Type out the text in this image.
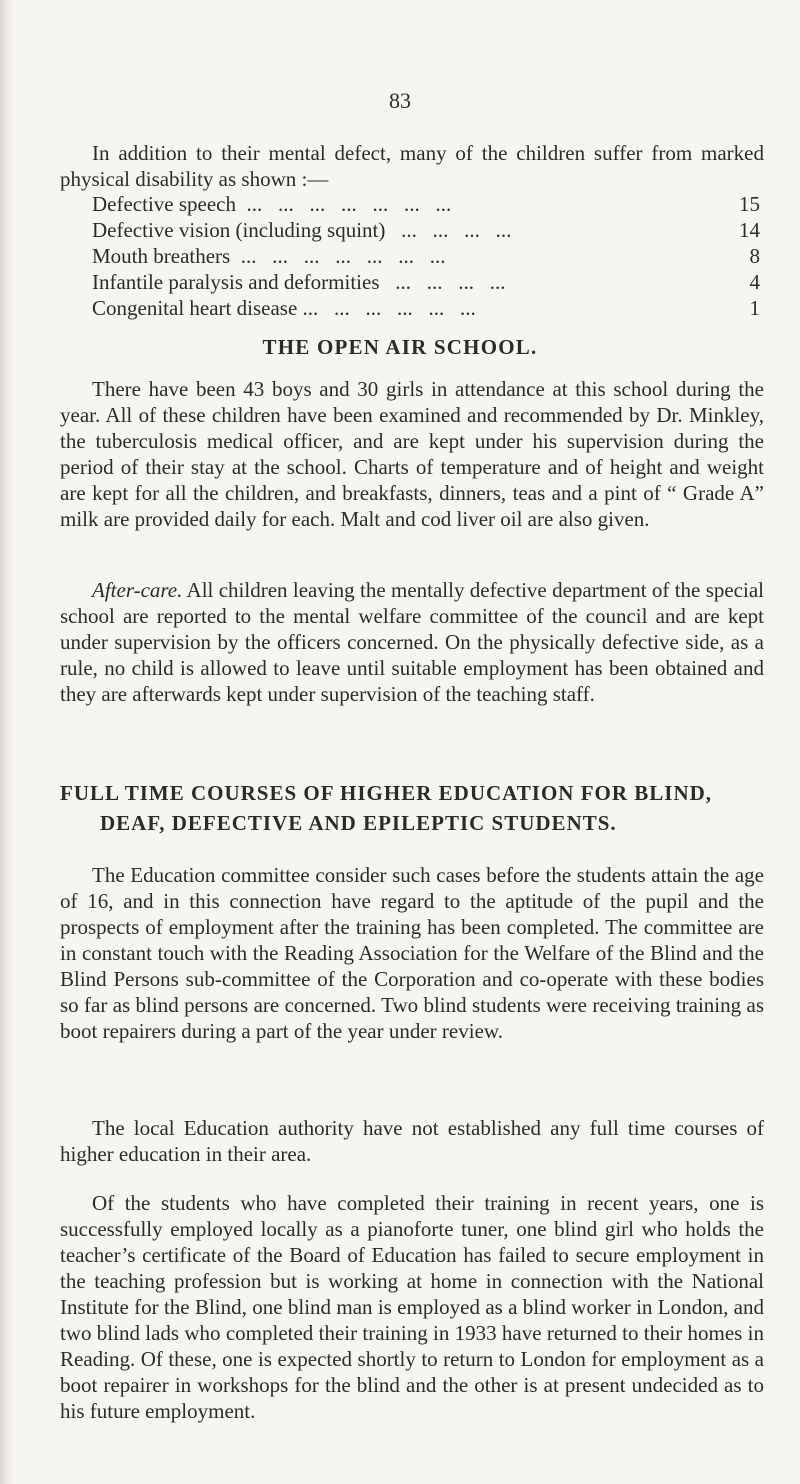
83

In addition to their mental defect, many of the children suffer from marked physical disability as shown :—

Defective speech ...   ...   ...   ...   ...   ...   ...	15
Defective vision (including squint) ...   ...   ...   ...	14
Mouth breathers ...   ...   ...   ...   ...   ...   ...	8
Infantile paralysis and deformities ...   ...   ...   ...	4
Congenital heart disease ... ...   ...   ...   ...   ...	1
THE OPEN AIR SCHOOL.

There have been 43 boys and 30 girls in attendance at this school during the year. All of these children have been examined and recommended by Dr. Minkley, the tuberculosis medical officer, and are kept under his supervision during the period of their stay at the school. Charts of temperature and of height and weight are kept for all the children, and breakfasts, dinners, teas and a pint of “ Grade A” milk are provided daily for each. Malt and cod liver oil are also given.

After-care. All children leaving the mentally defective department of the special school are reported to the mental welfare committee of the council and are kept under supervision by the officers concerned. On the physically defective side, as a rule, no child is allowed to leave until suitable employment has been obtained and they are afterwards kept under supervision of the teaching staff.

FULL TIME COURSES OF HIGHER EDUCATION FOR BLIND,
DEAF, DEFECTIVE AND EPILEPTIC STUDENTS.

The Education committee consider such cases before the students attain the age of 16, and in this connection have regard to the aptitude of the pupil and the prospects of employment after the training has been completed. The committee are in constant touch with the Reading Association for the Welfare of the Blind and the Blind Persons sub-committee of the Corporation and co-operate with these bodies so far as blind persons are concerned. Two blind students were receiving training as boot repairers during a part of the year under review.

The local Education authority have not established any full time courses of higher education in their area.

Of the students who have completed their training in recent years, one is successfully employed locally as a pianoforte tuner, one blind girl who holds the teacher’s certificate of the Board of Education has failed to secure employment in the teaching profession but is working at home in connection with the National Institute for the Blind, one blind man is employed as a blind worker in London, and two blind lads who completed their training in 1933 have returned to their homes in Reading. Of these, one is expected shortly to return to London for employment as a boot repairer in workshops for the blind and the other is at present undecided as to his future employment.
